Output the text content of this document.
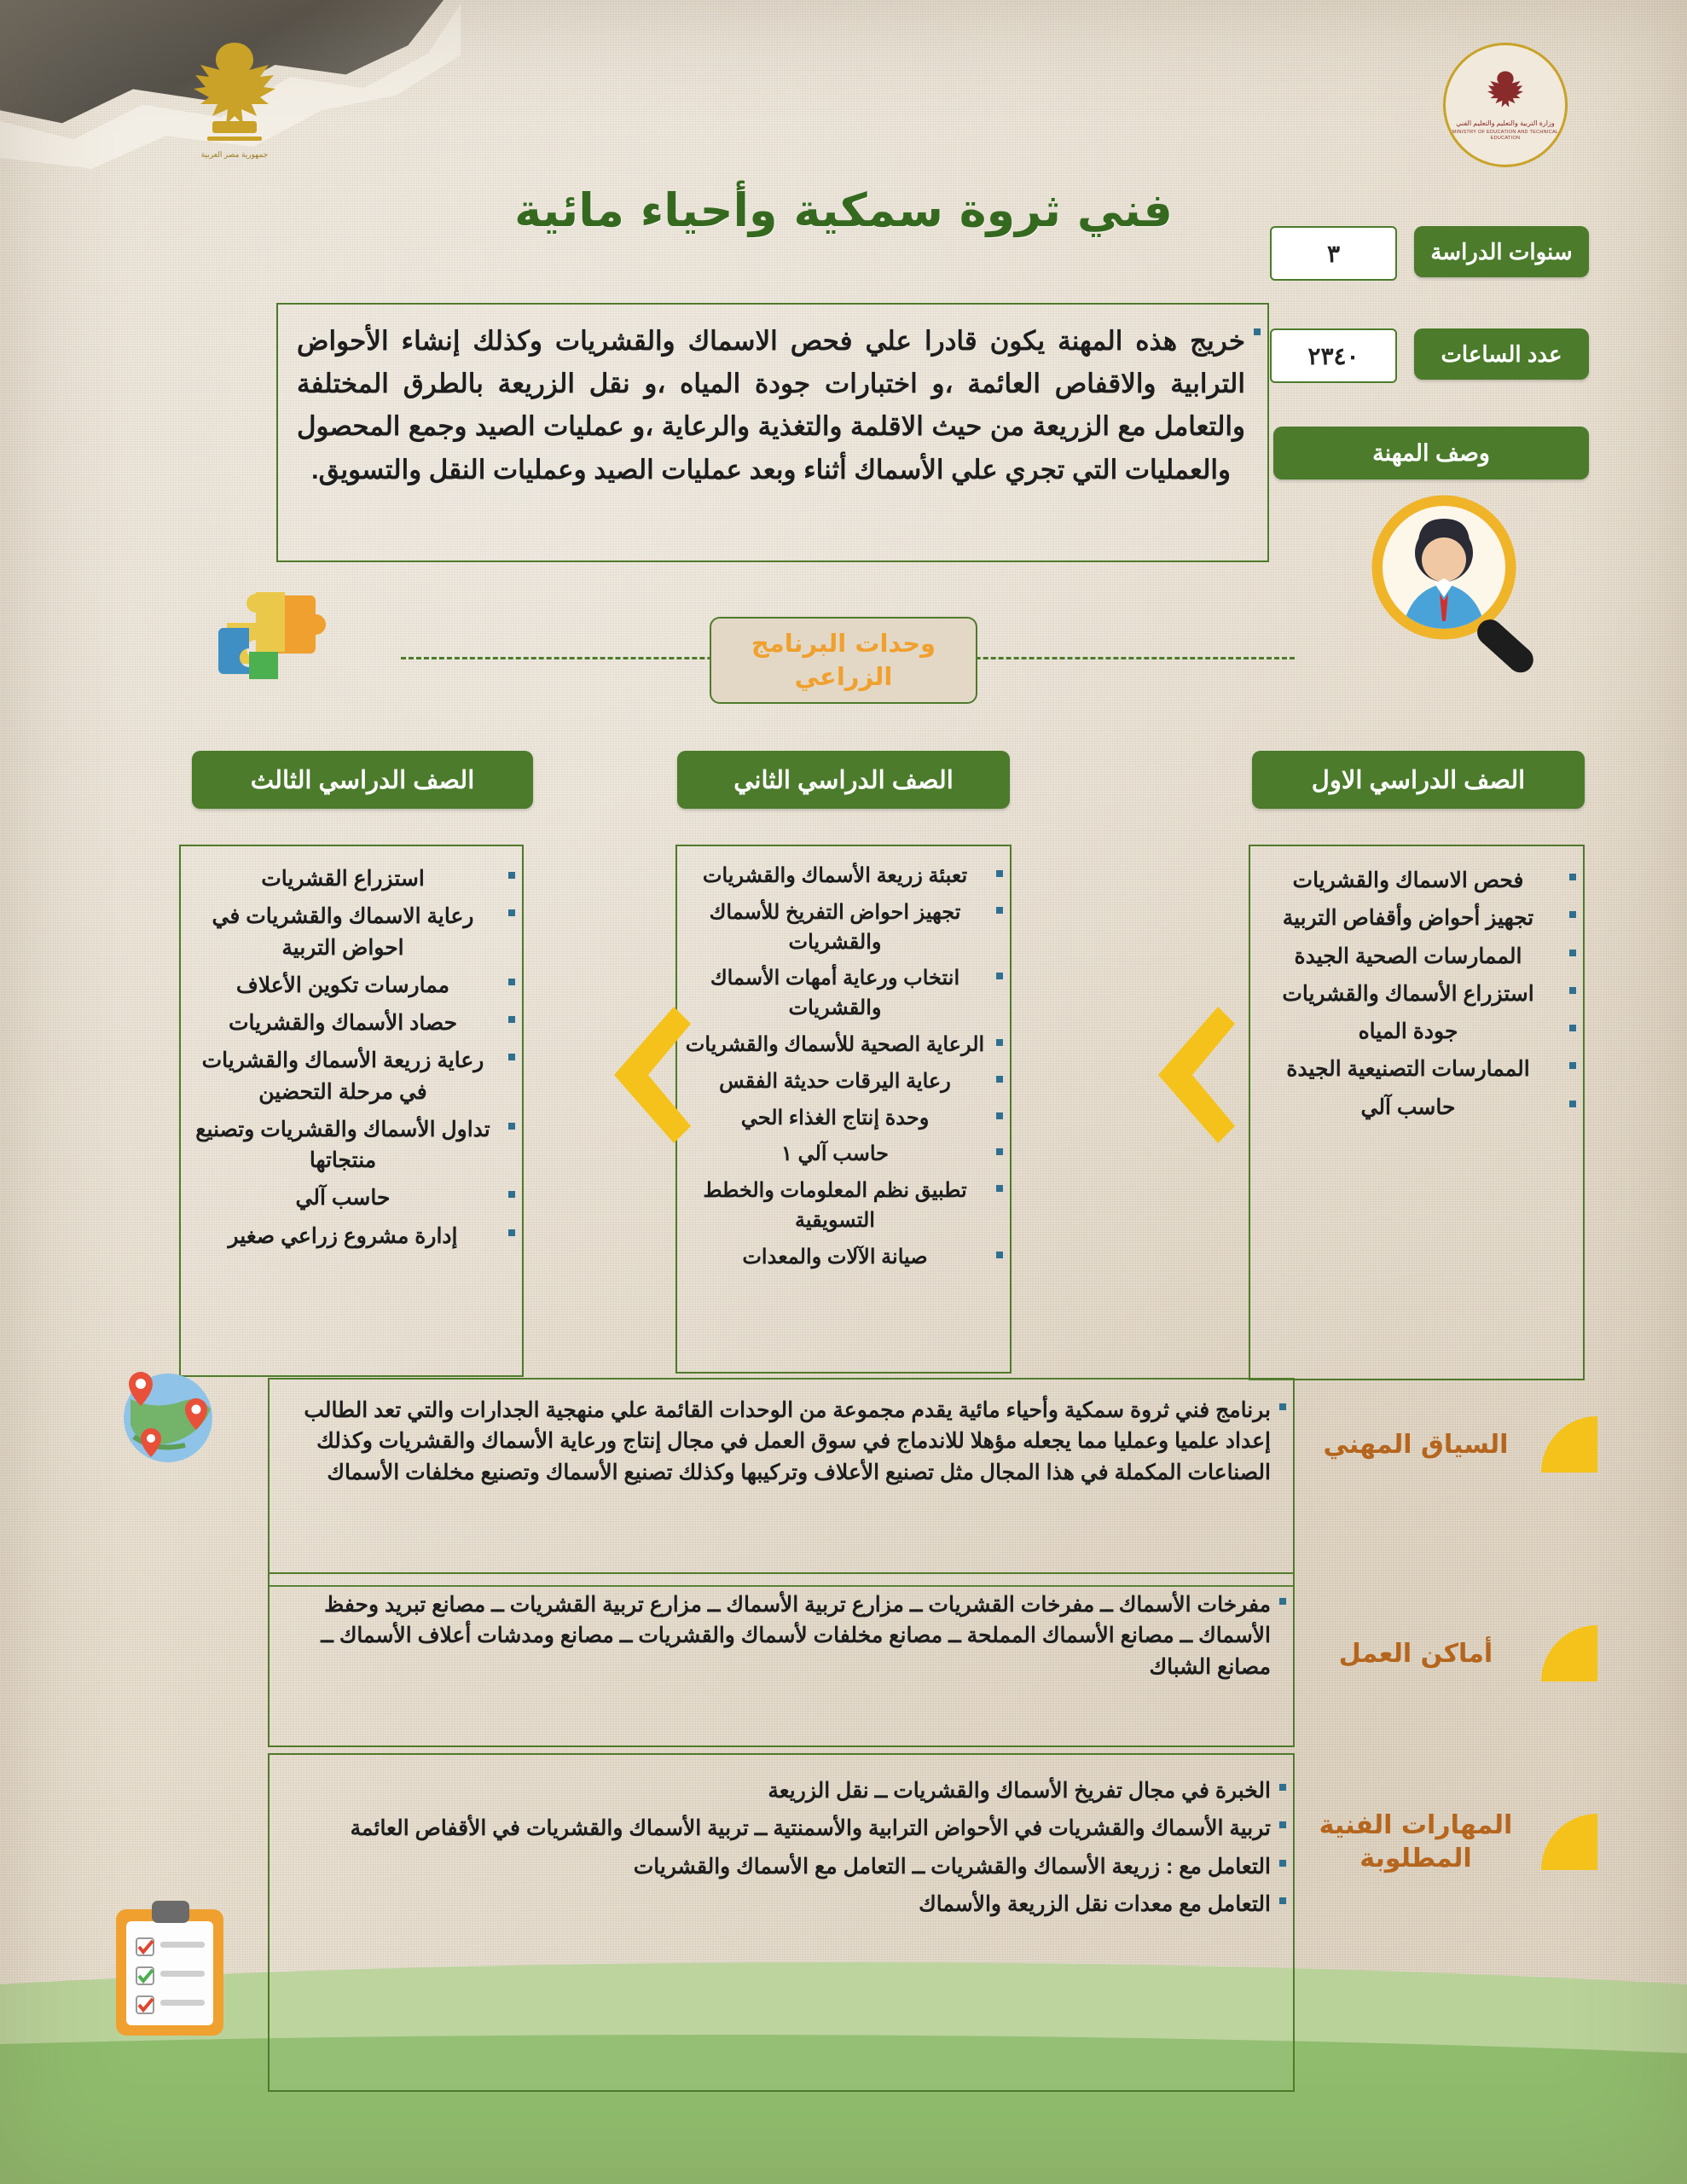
جمهورية مصر العربية
وزارة التربية والتعليم والتعليم الفني
MINISTRY OF EDUCATION AND TECHNICAL EDUCATION
فني ثروة سمكية وأحياء مائية
سنوات الدراسة
٣
عدد الساعات
٢٣٤٠
وصف المهنة
خريج هذه المهنة يكون قادرا علي فحص الاسماك والقشريات وكذلك إنشاء الأحواض الترابية والاقفاص العائمة ،و اختبارات جودة المياه ،و نقل الزريعة بالطرق المختلفة والتعامل مع الزريعة من حيث الاقلمة والتغذية والرعاية ،و عمليات الصيد وجمع المحصول والعمليات التي تجري علي الأسماك أثناء وبعد عمليات الصيد وعمليات النقل والتسويق.
وحدات البرنامج الزراعي
الصف الدراسي الاول
فحص الاسماك والقشريات
تجهيز أحواض وأقفاص التربية
الممارسات الصحية الجيدة
استزراع الأسماك والقشريات
جودة المياه
الممارسات التصنيعية الجيدة
حاسب آلي
الصف الدراسي الثاني
تعبئة زريعة الأسماك والقشريات
تجهيز احواض التفريخ للأسماك والقشريات
انتخاب ورعاية أمهات الأسماك والقشريات
الرعاية الصحية للأسماك والقشريات
رعاية اليرقات حديثة الفقس
وحدة إنتاج الغذاء الحي
حاسب آلي ١
تطبيق نظم المعلومات والخطط التسويقية
صيانة الآلات والمعدات
الصف الدراسي الثالث
استزراع القشريات
رعاية الاسماك والقشريات في احواض التربية
ممارسات تكوين الأعلاف
حصاد الأسماك والقشريات
رعاية زريعة الأسماك والقشريات في مرحلة التحضين
تداول الأسماك والقشريات وتصنيع منتجاتها
حاسب آلي
إدارة مشروع زراعي صغير
السياق المهني
برنامج فني ثروة سمكية وأحياء مائية يقدم مجموعة من الوحدات القائمة علي منهجية الجدارات والتي تعد الطالب إعداد علميا وعمليا مما يجعله مؤهلا للاندماج في سوق العمل في مجال إنتاج ورعاية الأسماك والقشريات وكذلك الصناعات المكملة في هذا المجال مثل تصنيع الأعلاف وتركيبها وكذلك تصنيع الأسماك وتصنيع مخلفات الأسماك
أماكن العمل
مفرخات الأسماك ــ مفرخات القشريات ــ مزارع تربية الأسماك ــ مزارع تربية القشريات ــ مصانع تبريد وحفظ الأسماك ــ مصانع الأسماك المملحة ــ مصانع مخلفات لأسماك والقشريات ــ مصانع ومدشات أعلاف الأسماك ــ مصانع الشباك
المهارات الفنية المطلوبة
الخبرة في مجال تفريخ الأسماك والقشريات ــ نقل الزريعة
تربية الأسماك والقشريات في الأحواض الترابية والأسمنتية ــ تربية الأسماك والقشريات في الأقفاص العائمة
التعامل مع : زريعة الأسماك والقشريات ــ التعامل مع الأسماك والقشريات
التعامل مع معدات نقل الزريعة والأسماك
